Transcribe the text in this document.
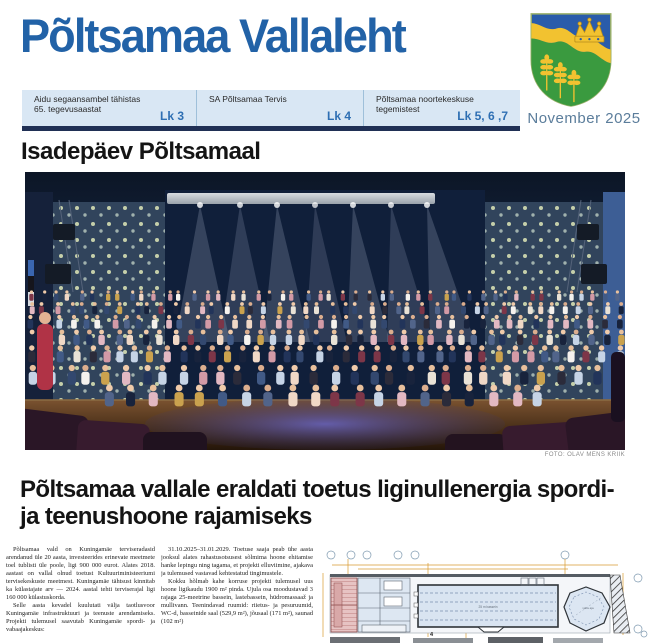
Põltsamaa Vallaleht
Aidu segaansambel tähistas 65. tegevusaastat	Lk 3
SA Põltsamaa Tervis
Lk 4
Põltsamaa noortekeskuse tegemistest	Lk 5, 6 ,7	November 2025
Isadepäev Põltsamaal
FOTO: OLAV MENS KRIIK
Põltsamaa vallale eraldati toetus liginullenergia spordi-
ja teenushoone rajamiseks

Põltsamaa vald on Kuningamäe terviseradasid arendanud üle 20 aasta, investeerides erinevate meetmete toel tublisti üle poole, ligi 900 000 eurot. Alates 2018. aastast on vallal olnud toetust Kultuuriministeeriumi tervisekeskuste meetmest. Kuningamäe tähtsust kinnitab ka külastajate arv — 2024. aastal tehti terviserajal ligi 160 000 külastuskorda.

Selle aasta kevadel kuulutati välja taotlusvoor Kuningamäe infrastruktuuri ja teenuste arendamiseks. Projekti tulemusel saavutab Kuningamäe spordi- ja vabaajakeskus:

31.10.2025–31.01.2029. Toetuse saaja peab ühe aasta jooksul alates rahastusotsusest sõlmima hoone ehitamise hanke lepingu ning tagama, et projekti elluviimine, ajakava ja tulemused vastavad kehtestatud tingimustele.

Kokku hõlmab kahe korruse projekti tulemusel uus hoone ligikaudu 1900 m² pinda. Ujula osa moodustavad 3 rajaga 25-meetrine bassein, lastebassein, hüdromassaaž ja mullivann. Teenindavad ruumid: riietus- ja pesuruumid, WC-d, basseinide saal (529,9 m²), jõusaal (171 m²), saunad (102 m²)

25 m bassein	vaba aja
4
